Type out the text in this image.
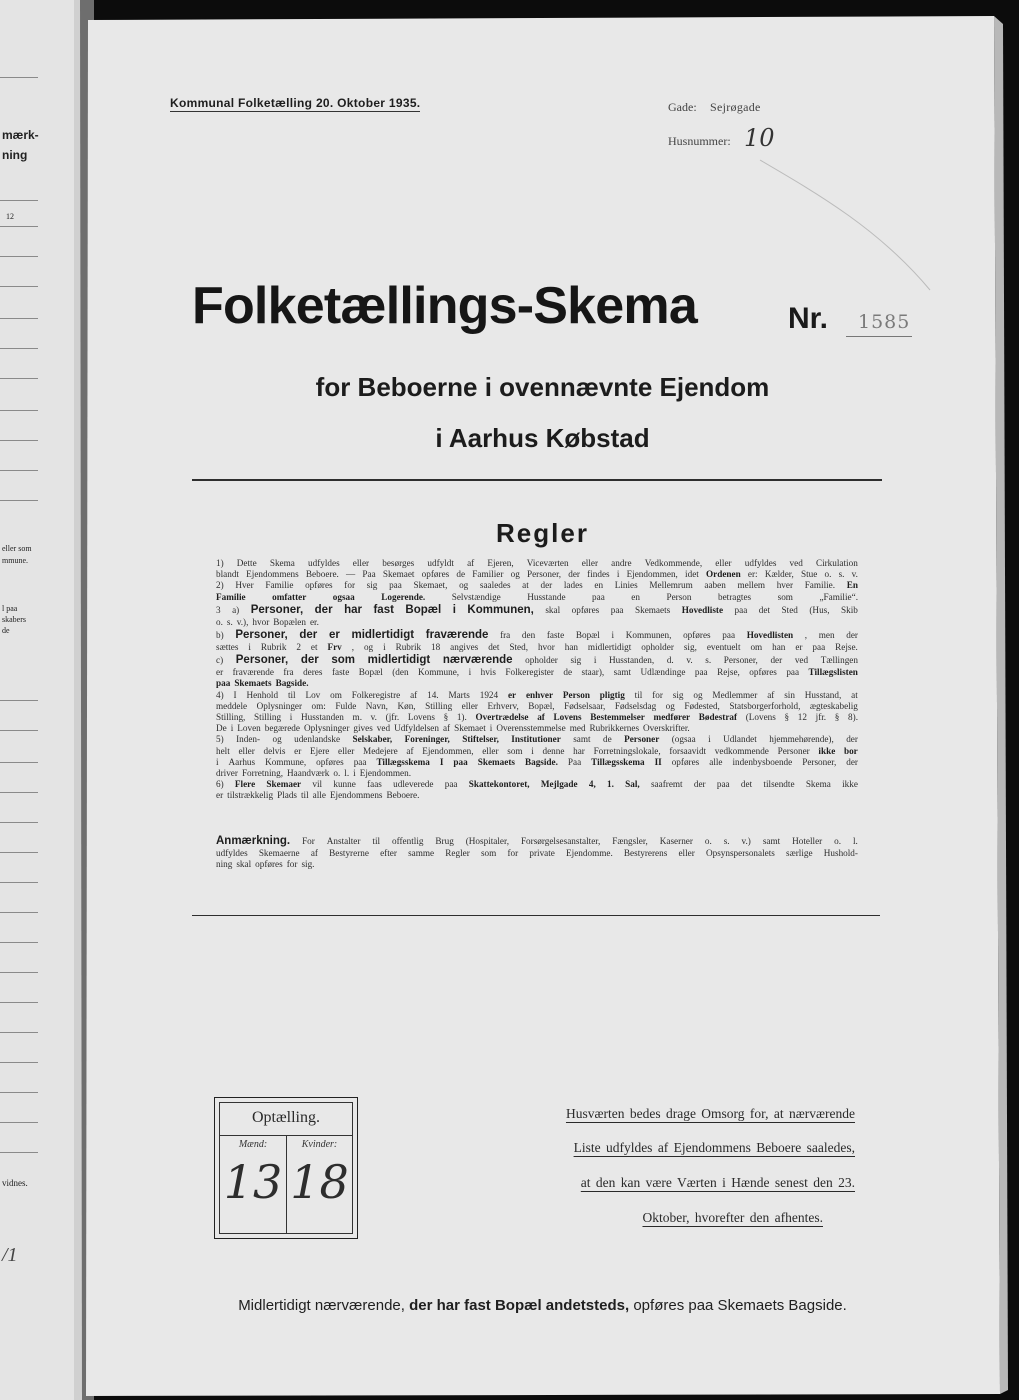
mærk-
ning
12
eller som
mmune.
l paa
skabers
de
vidnes.
/1
Kommunal Folketælling 20. Oktober 1935.	Gade: Sejrøgade
Husnummer: 10
Folketællings-Skema	Nr. 1585
for Beboerne i ovennævnte Ejendom
i Aarhus Købstad
Regler
1) Dette Skema udfyldes eller besørges udfyldt af Ejeren, Viceværten eller andre Vedkommende, eller udfyldes ved Cirkulation
blandt Ejendommens Beboere. — Paa Skemaet opføres de Familier og Personer, der findes i Ejendommen, idet Ordenen er: Kælder, Stue o. s. v.
2) Hver Familie opføres for sig paa Skemaet, og saaledes at der lades en Linies Mellemrum aaben mellem hver Familie. En
Familie	omfatter	ogsaa	Logerende.	Selvstændige	Husstande	paa	en	Person	betragtes	som	„Familie“.
3 a) Personer, der har fast Bopæl i Kommunen, skal opføres paa Skemaets Hovedliste paa det Sted (Hus, Skib
o. s. v.), hvor Bopælen er.
b) Personer, der er midlertidigt fraværende fra den faste Bopæl i Kommunen, opføres paa Hovedlisten , men der
sættes i Rubrik 2 et Frv , og i Rubrik 18 angives det Sted, hvor han midlertidigt opholder sig, eventuelt om han er paa Rejse.
c) Personer, der som midlertidigt nærværende opholder sig i Husstanden, d. v. s. Personer, der ved Tællingen
er fraværende fra deres faste Bopæl (den Kommune, i hvis Folkeregister de staar), samt Udlændinge paa Rejse, opføres paa Tillægslisten
paa Skemaets Bagside.
4) I Henhold til Lov om Folkeregistre af 14. Marts 1924 er enhver Person pligtig til for sig og Medlemmer af sin Husstand, at
meddele Oplysninger om: Fulde Navn, Køn, Stilling eller Erhverv, Bopæl, Fødselsaar, Fødselsdag og Fødested, Statsborgerforhold, ægteskabelig
Stilling, Stilling i Husstanden m. v. (jfr. Lovens § 1). Overtrædelse af Lovens Bestemmelser medfører Bødestraf (Lovens § 12 jfr. § 8).
De i Loven begærede Oplysninger gives ved Udfyldelsen af Skemaet i Overensstemmelse med Rubrikkernes Overskrifter.
5) Inden- og udenlandske Selskaber, Foreninger, Stiftelser, Institutioner samt de Personer (ogsaa i Udlandet hjemmehørende), der
helt eller delvis er Ejere eller Medejere af Ejendommen, eller som i denne har Forretningslokale, forsaavidt vedkommende Personer ikke bor
i Aarhus Kommune, opføres paa Tillægsskema I paa Skemaets Bagside. Paa Tillægsskema II opføres alle indenbysboende Personer, der
driver Forretning, Haandværk o. l. i Ejendommen.
6) Flere Skemaer vil kunne faas udleverede paa Skattekontoret, Mejlgade 4, 1. Sal, saafremt der paa det tilsendte Skema ikke
er tilstrækkelig Plads til alle Ejendommens Beboere.
Anmærkning. For Anstalter til offentlig Brug (Hospitaler, Forsørgelsesanstalter, Fængsler, Kaserner o. s. v.) samt Hoteller o. l.
udfyldes Skemaerne af Bestyrerne efter samme Regler som for private Ejendomme. Bestyrerens eller Opsynspersonalets særlige Hushold-
ning skal opføres for sig.
Optælling.
Mænd:	Kvinder:
13 18
Husværten bedes drage Omsorg for, at nærværende
Liste udfyldes af Ejendommens Beboere saaledes,
at den kan være Værten i Hænde senest den 23.
Oktober, hvorefter den afhentes.
Midlertidigt nærværende, der har fast Bopæl andetsteds, opføres paa Skemaets Bagside.
